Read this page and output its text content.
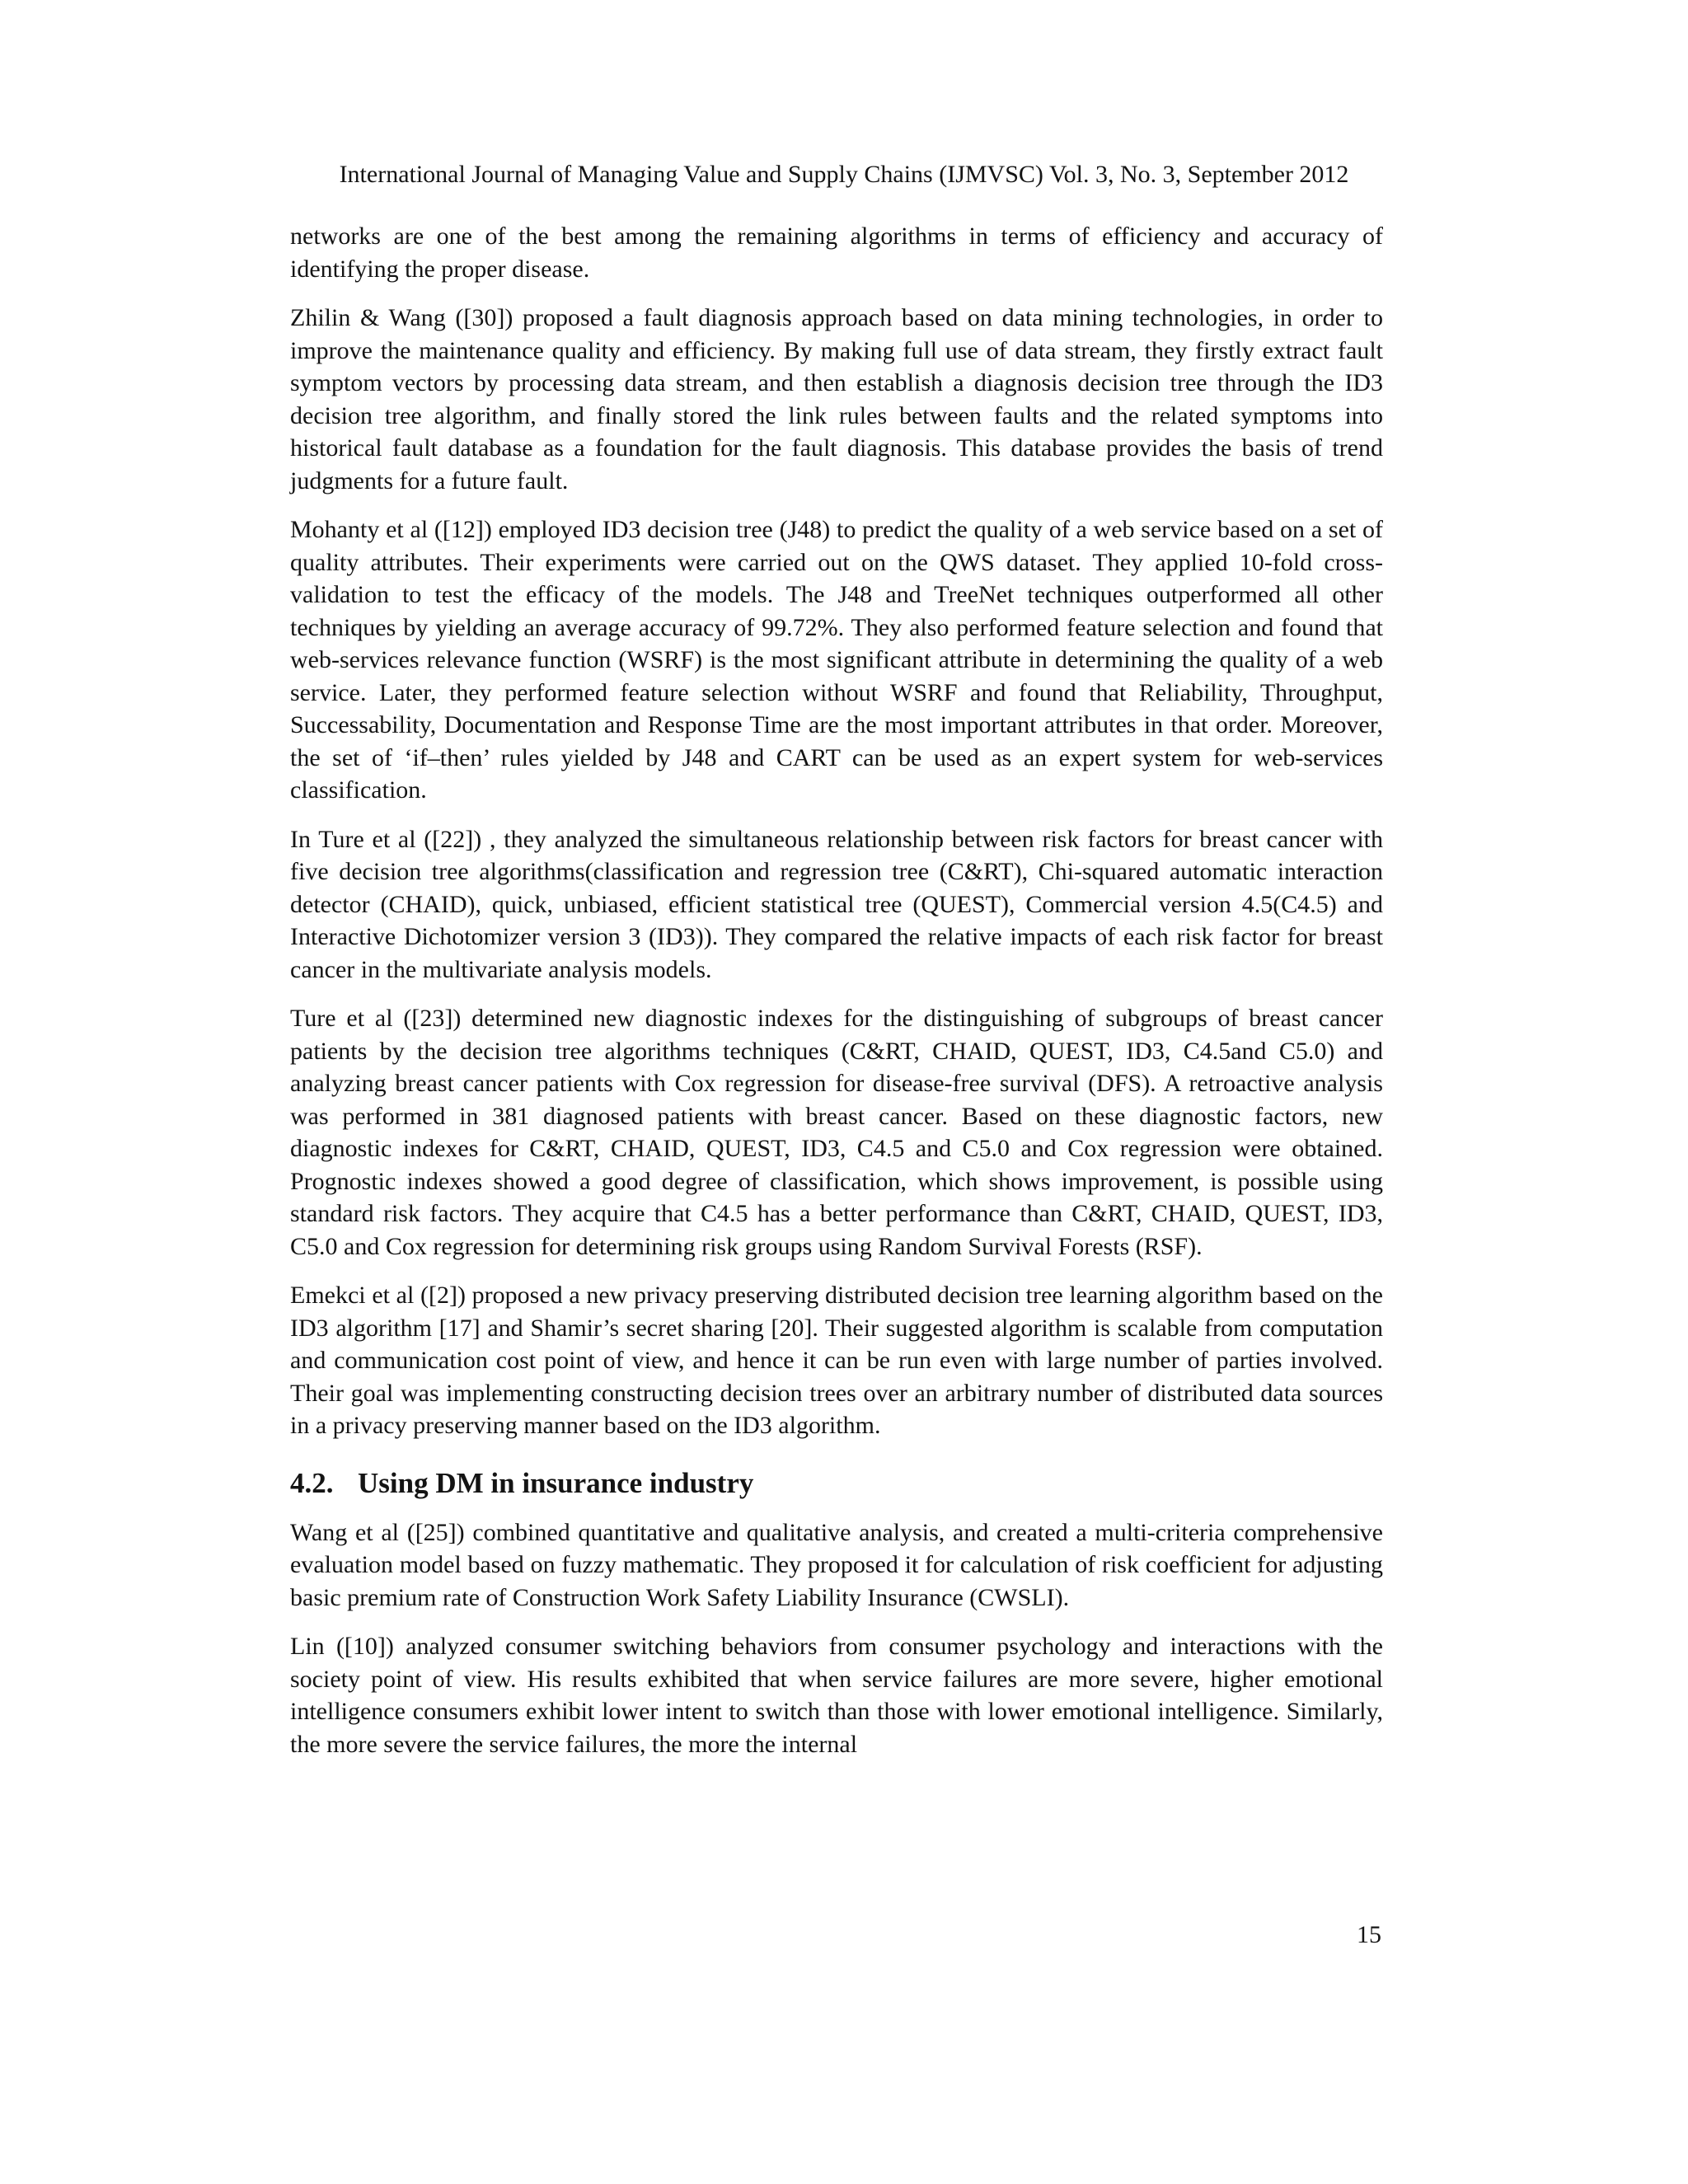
International Journal of Managing Value and Supply Chains (IJMVSC) Vol. 3, No. 3, September 2012

networks are one of the best among the remaining algorithms in terms of efficiency and accuracy of identifying the proper disease.

Zhilin & Wang ([30]) proposed a fault diagnosis approach based on data mining technologies, in order to improve the maintenance quality and efficiency. By making full use of data stream, they firstly extract fault symptom vectors by processing data stream, and then establish a diagnosis decision tree through the ID3 decision tree algorithm, and finally stored the link rules between faults and the related symptoms into historical fault database as a foundation for the fault diagnosis. This database provides the basis of trend judgments for a future fault.

Mohanty et al ([12]) employed ID3 decision tree (J48) to predict the quality of a web service based on a set of quality attributes. Their experiments were carried out on the QWS dataset. They applied 10-fold cross-validation to test the efficacy of the models. The J48 and TreeNet techniques outperformed all other techniques by yielding an average accuracy of 99.72%. They also performed feature selection and found that web-services relevance function (WSRF) is the most significant attribute in determining the quality of a web service. Later, they performed feature selection without WSRF and found that Reliability, Throughput, Successability, Documentation and Response Time are the most important attributes in that order. Moreover, the set of ‘if–then’ rules yielded by J48 and CART can be used as an expert system for web-services classification.

In Ture et al ([22]) , they analyzed the simultaneous relationship between risk factors for breast cancer with five decision tree algorithms(classification and regression tree (C&RT), Chi-squared automatic interaction detector (CHAID), quick, unbiased, efficient statistical tree (QUEST), Commercial version 4.5(C4.5) and Interactive Dichotomizer version 3 (ID3)). They compared the relative impacts of each risk factor for breast cancer in the multivariate analysis models.

Ture et al ([23]) determined new diagnostic indexes for the distinguishing of subgroups of breast cancer patients by the decision tree algorithms techniques (C&RT, CHAID, QUEST, ID3, C4.5and C5.0) and analyzing breast cancer patients with Cox regression for disease-free survival (DFS). A retroactive analysis was performed in 381 diagnosed patients with breast cancer. Based on these diagnostic factors, new diagnostic indexes for C&RT, CHAID, QUEST, ID3, C4.5 and C5.0 and Cox regression were obtained. Prognostic indexes showed a good degree of classification, which shows improvement, is possible using standard risk factors. They acquire that C4.5 has a better performance than C&RT, CHAID, QUEST, ID3, C5.0 and Cox regression for determining risk groups using Random Survival Forests (RSF).

Emekci et al ([2]) proposed a new privacy preserving distributed decision tree learning algorithm based on the ID3 algorithm [17] and Shamir’s secret sharing [20]. Their suggested algorithm is scalable from computation and communication cost point of view, and hence it can be run even with large number of parties involved. Their goal was implementing constructing decision trees over an arbitrary number of distributed data sources in a privacy preserving manner based on the ID3 algorithm.

4.2. Using DM in insurance industry

Wang et al ([25]) combined quantitative and qualitative analysis, and created a multi-criteria comprehensive evaluation model based on fuzzy mathematic. They proposed it for calculation of risk coefficient for adjusting basic premium rate of Construction Work Safety Liability Insurance (CWSLI).

Lin ([10]) analyzed consumer switching behaviors from consumer psychology and interactions with the society point of view. His results exhibited that when service failures are more severe, higher emotional intelligence consumers exhibit lower intent to switch than those with lower emotional intelligence. Similarly, the more severe the service failures, the more the internal

15
